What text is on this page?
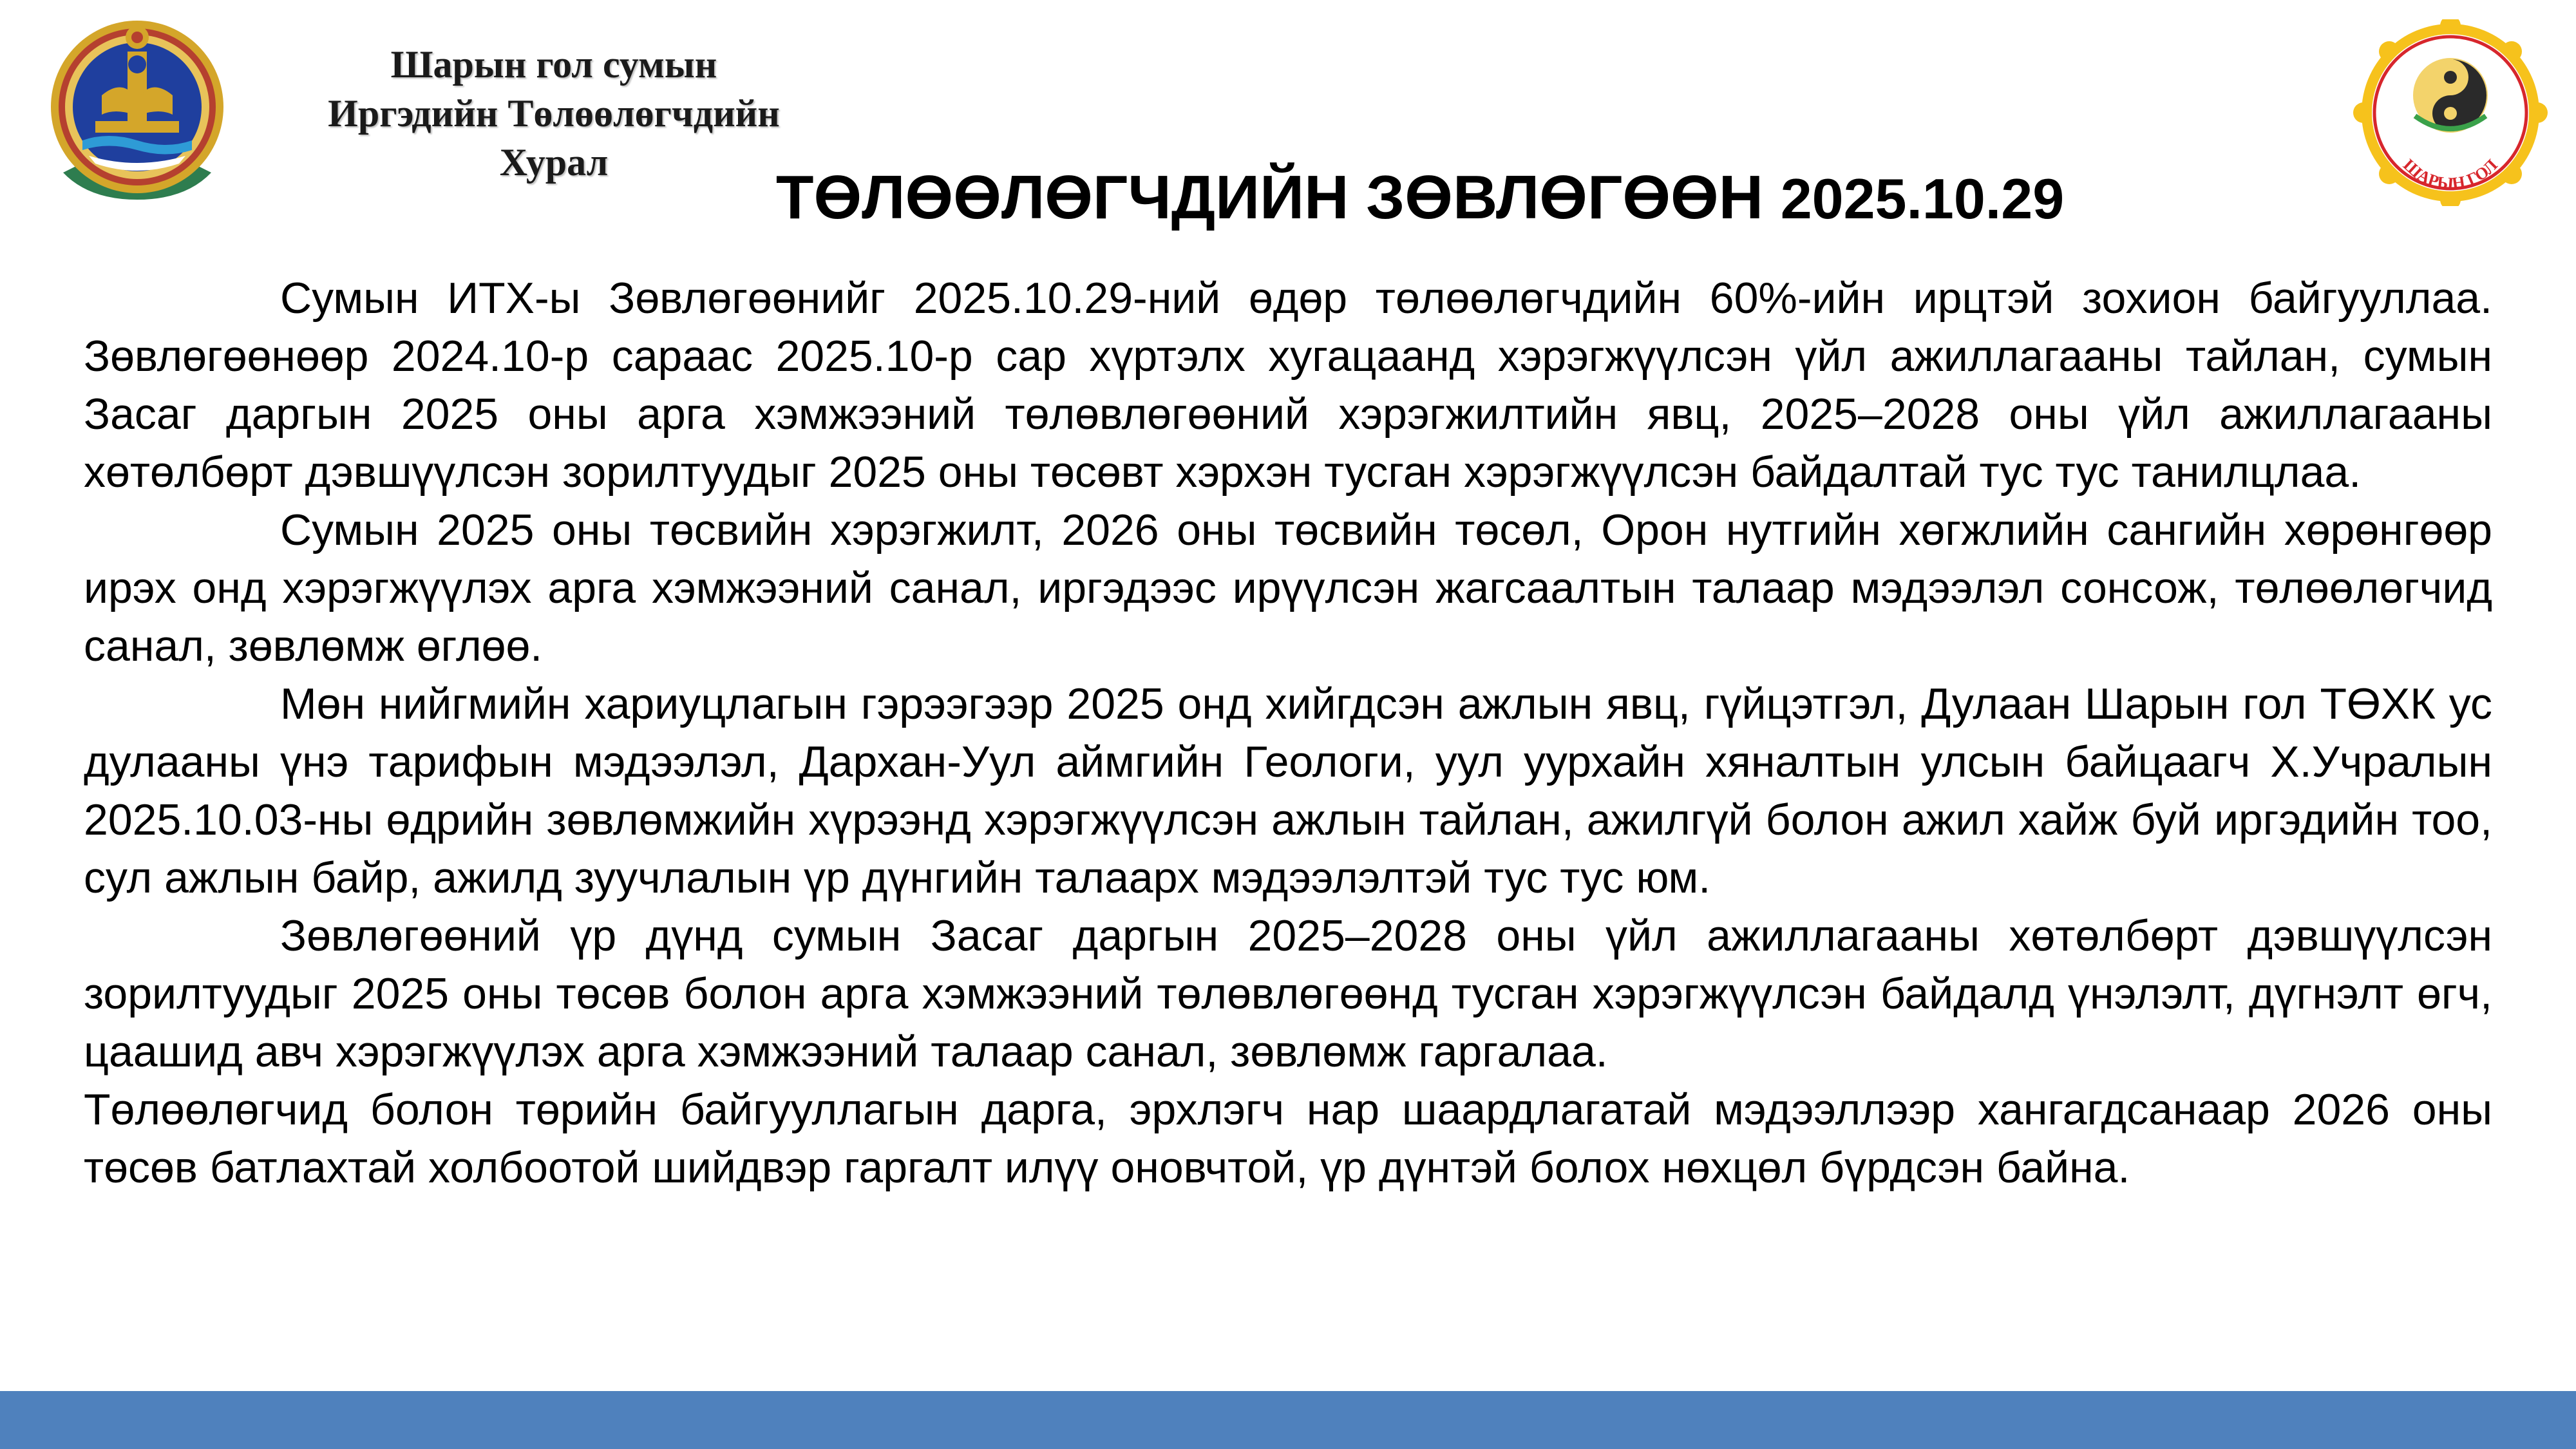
Шарын гол сумын
Иргэдийн Төлөөлөгчдийн
Хурал
ТӨЛӨӨЛӨГЧДИЙН ЗӨВЛӨГӨӨН 2025.10.29	ШАРЫН ГОЛ

Сумын ИТХ-ы Зөвлөгөөнийг 2025.10.29-ний өдөр төлөөлөгчдийн 60%-ийн ирцтэй зохион байгууллаа. Зөвлөгөөнөөр 2024.10-р сараас 2025.10-р сар хүртэлх хугацаанд хэрэгжүүлсэн үйл ажиллагааны тайлан, сумын Засаг даргын 2025 оны арга хэмжээний төлөвлөгөөний хэрэгжилтийн явц, 2025–2028 оны үйл ажиллагааны хөтөлбөрт дэвшүүлсэн зорилтуудыг 2025 оны төсөвт хэрхэн тусган хэрэгжүүлсэн байдалтай тус тус танилцлаа.

Сумын 2025 оны төсвийн хэрэгжилт, 2026 оны төсвийн төсөл, Орон нутгийн хөгжлийн сангийн хөрөнгөөр ирэх онд хэрэгжүүлэх арга хэмжээний санал, иргэдээс ирүүлсэн жагсаалтын талаар мэдээлэл сонсож, төлөөлөгчид санал, зөвлөмж өглөө.

Мөн нийгмийн хариуцлагын гэрээгээр 2025 онд хийгдсэн ажлын явц, гүйцэтгэл, Дулаан Шарын гол ТӨХК ус дулааны үнэ тарифын мэдээлэл, Дархан-Уул аймгийн Геологи, уул уурхайн хяналтын улсын байцаагч Х.Учралын 2025.10.03-ны өдрийн зөвлөмжийн хүрээнд хэрэгжүүлсэн ажлын тайлан, ажилгүй болон ажил хайж буй иргэдийн тоо, сул ажлын байр, ажилд зуучлалын үр дүнгийн талаарх мэдээлэлтэй тус тус юм.

Зөвлөгөөний үр дүнд сумын Засаг даргын 2025–2028 оны үйл ажиллагааны хөтөлбөрт дэвшүүлсэн зорилтуудыг 2025 оны төсөв болон арга хэмжээний төлөвлөгөөнд тусган хэрэгжүүлсэн байдалд үнэлэлт, дүгнэлт өгч, цаашид авч хэрэгжүүлэх арга хэмжээний талаар санал, зөвлөмж гаргалаа.

Төлөөлөгчид болон төрийн байгууллагын дарга, эрхлэгч нар шаардлагатай мэдээллээр хангагдсанаар 2026 оны төсөв батлахтай холбоотой шийдвэр гаргалт илүү оновчтой, үр дүнтэй болох нөхцөл бүрдсэн байна.
